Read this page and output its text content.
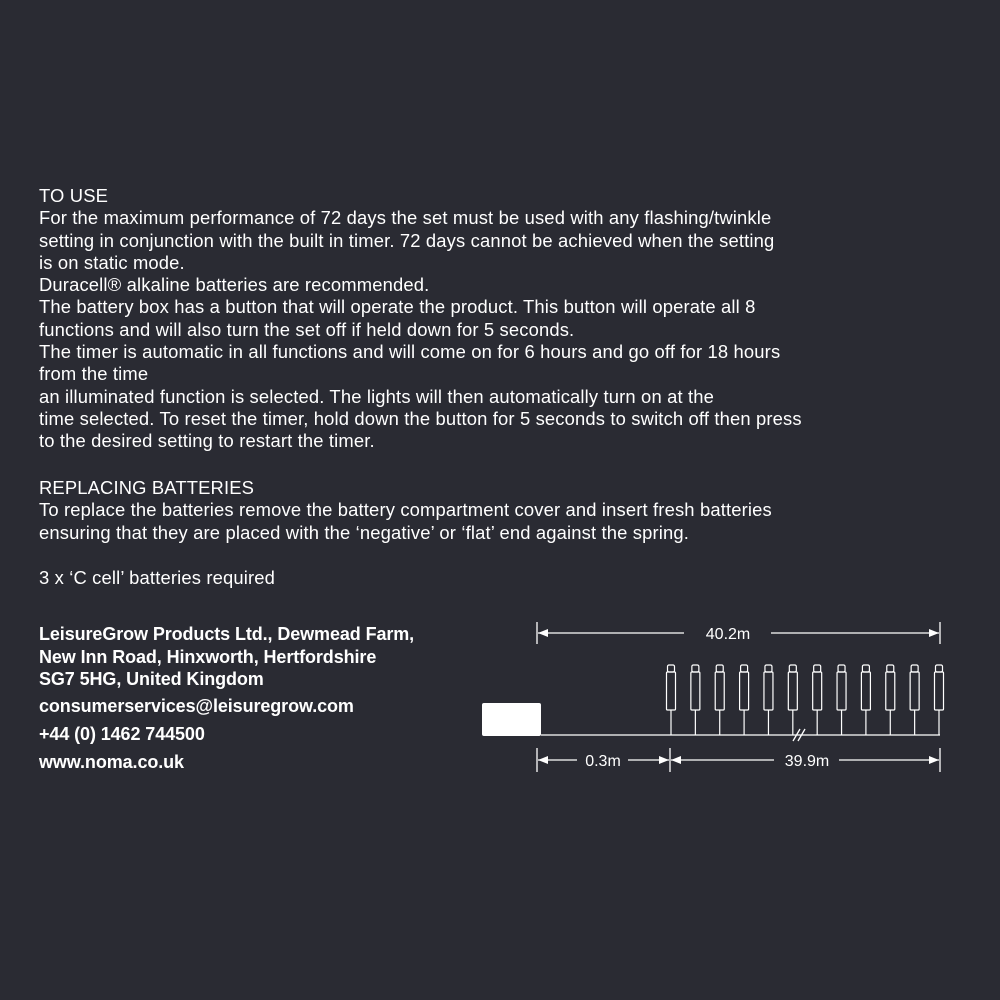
TO USE

For the maximum performance of 72 days the set must be used with any flashing/twinkle

setting in conjunction with the built in timer. 72 days cannot be achieved when the setting

is on static mode.

Duracell® alkaline batteries are recommended.

The battery box has a button that will operate the product. This button will operate all 8

functions and will also turn the set off if held down for 5 seconds.

The timer is automatic in all functions and will come on for 6 hours and go off for 18 hours

from the time

an illuminated function is selected. The lights will then automatically turn on at the

time selected. To reset the timer, hold down the button for 5 seconds to switch off then press

to the desired setting to restart the timer.

REPLACING BATTERIES

To replace the batteries remove the battery compartment cover and insert fresh batteries

ensuring that they are placed with the ‘negative’ or ‘flat’ end against the spring.

3 x ‘C cell’ batteries required

LeisureGrow Products Ltd., Dewmead Farm,

New Inn Road, Hinxworth, Hertfordshire

SG7 5HG, United Kingdom

consumerservices@leisuregrow.com

+44 (0) 1462 744500

www.noma.co.uk

40.2m
0.3m	39.9m
